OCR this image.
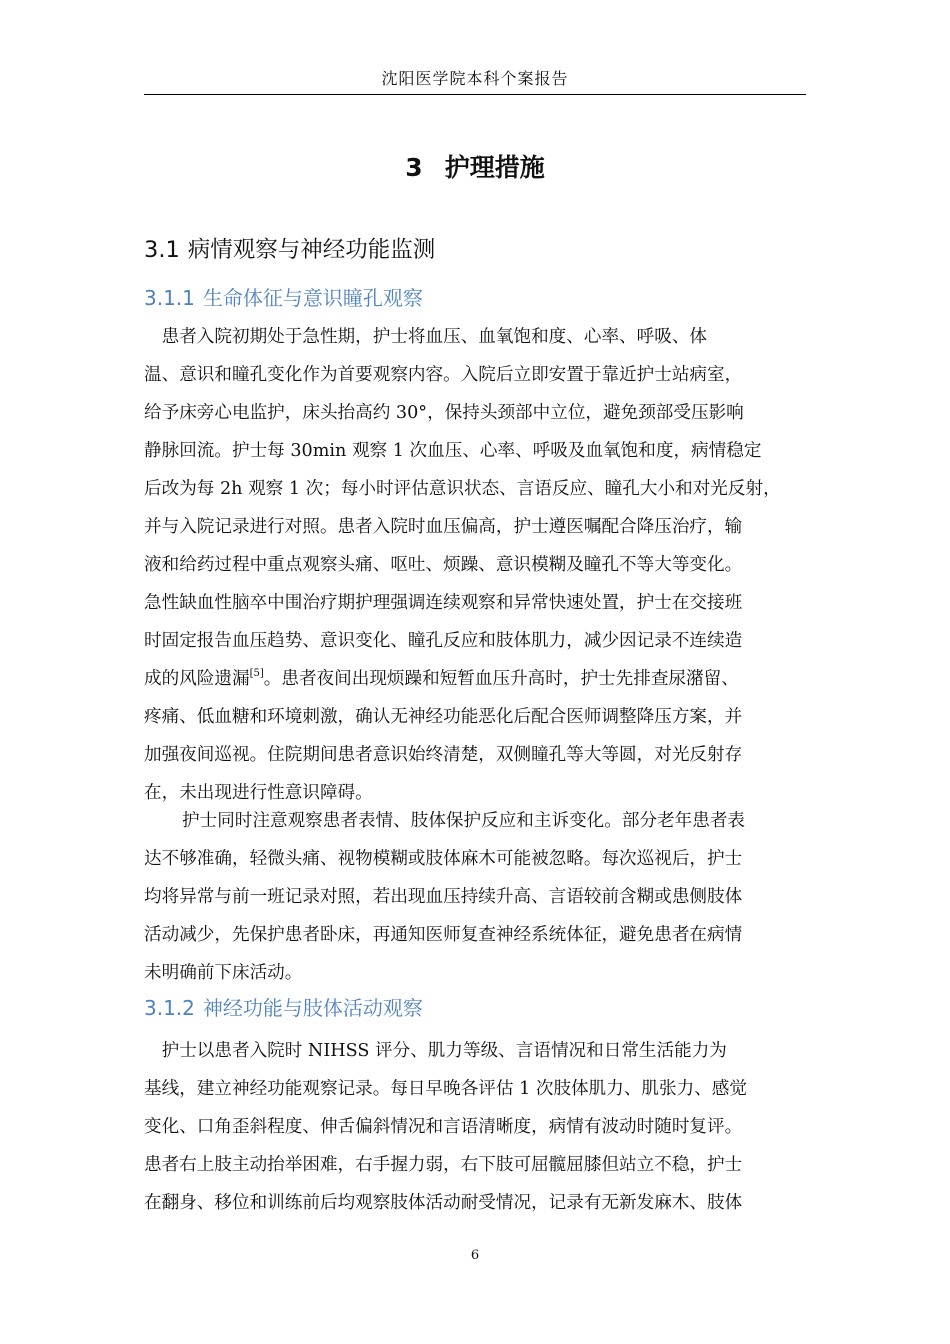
沈阳医学院本科个案报告
3 护理措施
3.1 病情观察与神经功能监测
3.1.1 生命体征与意识瞳孔观察
　患者入院初期处于急性期，护士将血压、血氧饱和度、心率、呼吸、体
温、意识和瞳孔变化作为首要观察内容。入院后立即安置于靠近护士站病室，
给予床旁心电监护，床头抬高约 30°，保持头颈部中立位，避免颈部受压影响
静脉回流。护士每 30min 观察 1 次血压、心率、呼吸及血氧饱和度，病情稳定
后改为每 2h 观察 1 次；每小时评估意识状态、言语反应、瞳孔大小和对光反射，
并与入院记录进行对照。患者入院时血压偏高，护士遵医嘱配合降压治疗，输
液和给药过程中重点观察头痛、呕吐、烦躁、意识模糊及瞳孔不等大等变化。
急性缺血性脑卒中围治疗期护理强调连续观察和异常快速处置，护士在交接班
时固定报告血压趋势、意识变化、瞳孔反应和肢体肌力，减少因记录不连续造
成的风险遗漏[5]。患者夜间出现烦躁和短暂血压升高时，护士先排查尿潴留、
疼痛、低血糖和环境刺激，确认无神经功能恶化后配合医师调整降压方案，并
加强夜间巡视。住院期间患者意识始终清楚，双侧瞳孔等大等圆，对光反射存
在，未出现进行性意识障碍。
护士同时注意观察患者表情、肢体保护反应和主诉变化。部分老年患者表
达不够准确，轻微头痛、视物模糊或肢体麻木可能被忽略。每次巡视后，护士
均将异常与前一班记录对照，若出现血压持续升高、言语较前含糊或患侧肢体
活动减少，先保护患者卧床，再通知医师复查神经系统体征，避免患者在病情
未明确前下床活动。
3.1.2 神经功能与肢体活动观察
　护士以患者入院时 NIHSS 评分、肌力等级、言语情况和日常生活能力为
基线，建立神经功能观察记录。每日早晚各评估 1 次肢体肌力、肌张力、感觉
变化、口角歪斜程度、伸舌偏斜情况和言语清晰度，病情有波动时随时复评。
患者右上肢主动抬举困难，右手握力弱，右下肢可屈髋屈膝但站立不稳，护士
在翻身、移位和训练前后均观察肢体活动耐受情况，记录有无新发麻木、肢体
6
